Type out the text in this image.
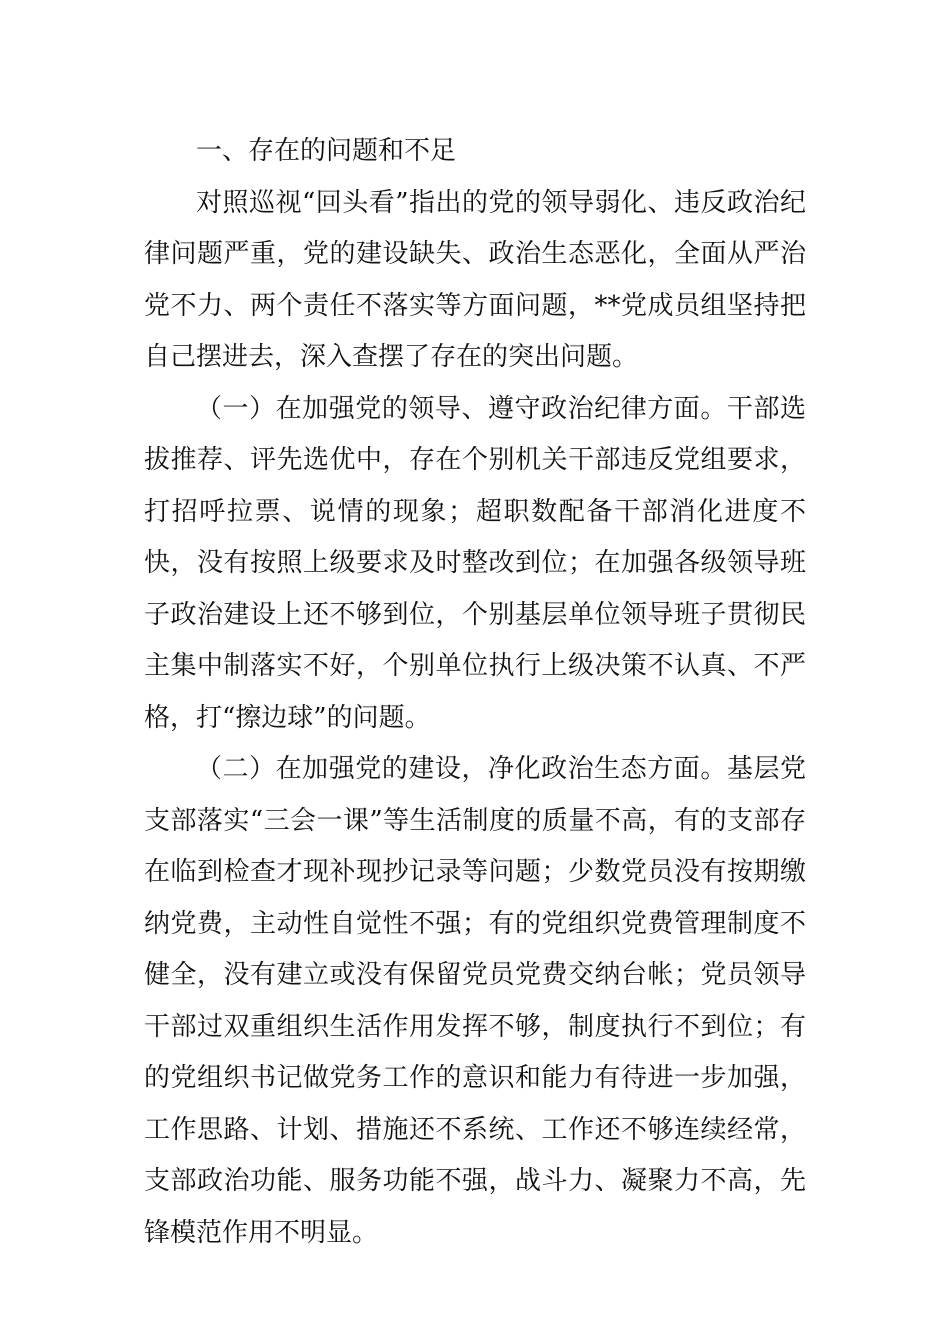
一、存在的问题和不足

对照巡视“回头看”指出的党的领导弱化、违反政治纪律问题严重，党的建设缺失、政治生态恶化，全面从严治党不力、两个责任不落实等方面问题，**党成员组坚持把自己摆进去，深入查摆了存在的突出问题。

（一）在加强党的领导、遵守政治纪律方面。干部选拔推荐、评先选优中，存在个别机关干部违反党组要求，打招呼拉票、说情的现象；超职数配备干部消化进度不快，没有按照上级要求及时整改到位；在加强各级领导班子政治建设上还不够到位，个别基层单位领导班子贯彻民主集中制落实不好，个别单位执行上级决策不认真、不严格，打“擦边球”的问题。

（二）在加强党的建设，净化政治生态方面。基层党支部落实“三会一课”等生活制度的质量不高，有的支部存在临到检查才现补现抄记录等问题；少数党员没有按期缴纳党费，主动性自觉性不强；有的党组织党费管理制度不健全，没有建立或没有保留党员党费交纳台帐；党员领导干部过双重组织生活作用发挥不够，制度执行不到位；有的党组织书记做党务工作的意识和能力有待进一步加强，工作思路、计划、措施还不系统、工作还不够连续经常，支部政治功能、服务功能不强，战斗力、凝聚力不高，先锋模范作用不明显。
